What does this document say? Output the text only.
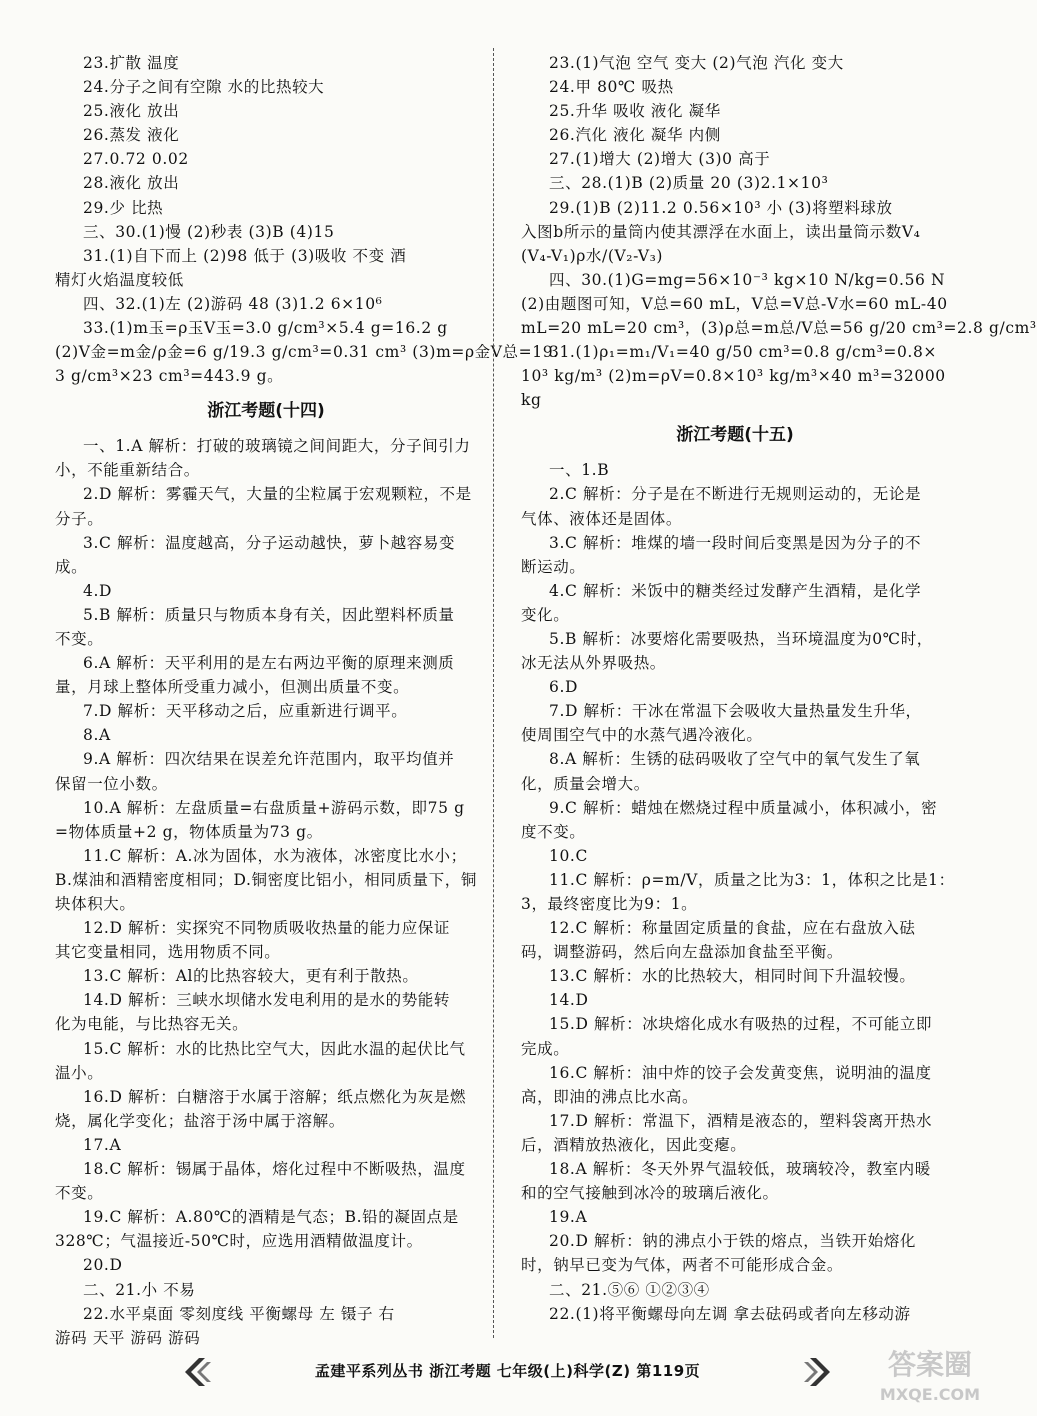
23.扩散 温度
24.分子之间有空隙 水的比热较大
25.液化 放出
26.蒸发 液化
27.0.72 0.02
28.液化 放出
29.少 比热
三、30.(1)慢 (2)秒表 (3)B (4)15
31.(1)自下而上 (2)98 低于 (3)吸收 不变 酒
精灯火焰温度较低
四、32.(1)左 (2)游码 48 (3)1.2 6×10⁶
33.(1)m玉=ρ玉V玉=3.0 g/cm³×5.4 g=16.2 g
(2)V金=m金/ρ金=6 g/19.3 g/cm³=0.31 cm³ (3)m=ρ金V总=19.
3 g/cm³×23 cm³=443.9 g。
浙江考题(十四)
一、1.A 解析：打破的玻璃镜之间间距大，分子间引力
小，不能重新结合。
2.D 解析：雾霾天气，大量的尘粒属于宏观颗粒，不是
分子。
3.C 解析：温度越高，分子运动越快，萝卜越容易变
成。
4.D
5.B 解析：质量只与物质本身有关，因此塑料杯质量
不变。
6.A 解析：天平利用的是左右两边平衡的原理来测质
量，月球上整体所受重力减小，但测出质量不变。
7.D 解析：天平移动之后，应重新进行调平。
8.A
9.A 解析：四次结果在误差允许范围内，取平均值并
保留一位小数。
10.A 解析：左盘质量=右盘质量+游码示数，即75 g
=物体质量+2 g，物体质量为73 g。
11.C 解析：A.冰为固体，水为液体，冰密度比水小；
B.煤油和酒精密度相同；D.铜密度比铝小，相同质量下，铜
块体积大。
12.D 解析：实探究不同物质吸收热量的能力应保证
其它变量相同，选用物质不同。
13.C 解析：Al的比热容较大，更有利于散热。
14.D 解析：三峡水坝储水发电利用的是水的势能转
化为电能，与比热容无关。
15.C 解析：水的比热比空气大，因此水温的起伏比气
温小。
16.D 解析：白糖溶于水属于溶解；纸点燃化为灰是燃
烧，属化学变化；盐溶于汤中属于溶解。
17.A
18.C 解析：锡属于晶体，熔化过程中不断吸热，温度
不变。
19.C 解析：A.80℃的酒精是气态；B.铅的凝固点是
328℃；气温接近-50℃时，应选用酒精做温度计。
20.D
二、21.小 不易
22.水平桌面 零刻度线 平衡螺母 左 镊子 右
游码 天平 游码 游码
23.(1)气泡 空气 变大 (2)气泡 汽化 变大
24.甲 80℃ 吸热
25.升华 吸收 液化 凝华
26.汽化 液化 凝华 内侧
27.(1)增大 (2)增大 (3)0 高于
三、28.(1)B (2)质量 20 (3)2.1×10³
29.(1)B (2)11.2 0.56×10³ 小 (3)将塑料球放
入图b所示的量筒内使其漂浮在水面上，读出量筒示数V₄
(V₄-V₁)ρ水/(V₂-V₃)
四、30.(1)G=mg=56×10⁻³ kg×10 N/kg=0.56 N
(2)由题图可知，V总=60 mL，V总=V总-V水=60 mL-40
mL=20 mL=20 cm³，(3)ρ总=m总/V总=56 g/20 cm³=2.8 g/cm³
31.(1)ρ₁=m₁/V₁=40 g/50 cm³=0.8 g/cm³=0.8×
10³ kg/m³ (2)m=ρV=0.8×10³ kg/m³×40 m³=32000
kg
浙江考题(十五)
一、1.B
2.C 解析：分子是在不断进行无规则运动的，无论是
气体、液体还是固体。
3.C 解析：堆煤的墙一段时间后变黑是因为分子的不
断运动。
4.C 解析：米饭中的糖类经过发酵产生酒精，是化学
变化。
5.B 解析：冰要熔化需要吸热，当环境温度为0℃时，
冰无法从外界吸热。
6.D
7.D 解析：干冰在常温下会吸收大量热量发生升华，
使周围空气中的水蒸气遇冷液化。
8.A 解析：生锈的砝码吸收了空气中的氧气发生了氧
化，质量会增大。
9.C 解析：蜡烛在燃烧过程中质量减小，体积减小，密
度不变。
10.C
11.C 解析：ρ=m/V，质量之比为3：1，体积之比是1：
3，最终密度比为9：1。
12.C 解析：称量固定质量的食盐，应在右盘放入砝
码，调整游码，然后向左盘添加食盐至平衡。
13.C 解析：水的比热较大，相同时间下升温较慢。
14.D
15.D 解析：冰块熔化成水有吸热的过程，不可能立即
完成。
16.C 解析：油中炸的饺子会发黄变焦，说明油的温度
高，即油的沸点比水高。
17.D 解析：常温下，酒精是液态的，塑料袋离开热水
后，酒精放热液化，因此变瘪。
18.A 解析：冬天外界气温较低，玻璃较冷，教室内暖
和的空气接触到冰冷的玻璃后液化。
19.A
20.D 解析：钠的沸点小于铁的熔点，当铁开始熔化
时，钠早已变为气体，两者不可能形成合金。
二、21.⑤⑥ ①②③④
22.(1)将平衡螺母向左调 拿去砝码或者向左移动游
孟建平系列丛书 浙江考题 七年级(上)科学(Z) 第119页	答案圈
MXQE.COM
